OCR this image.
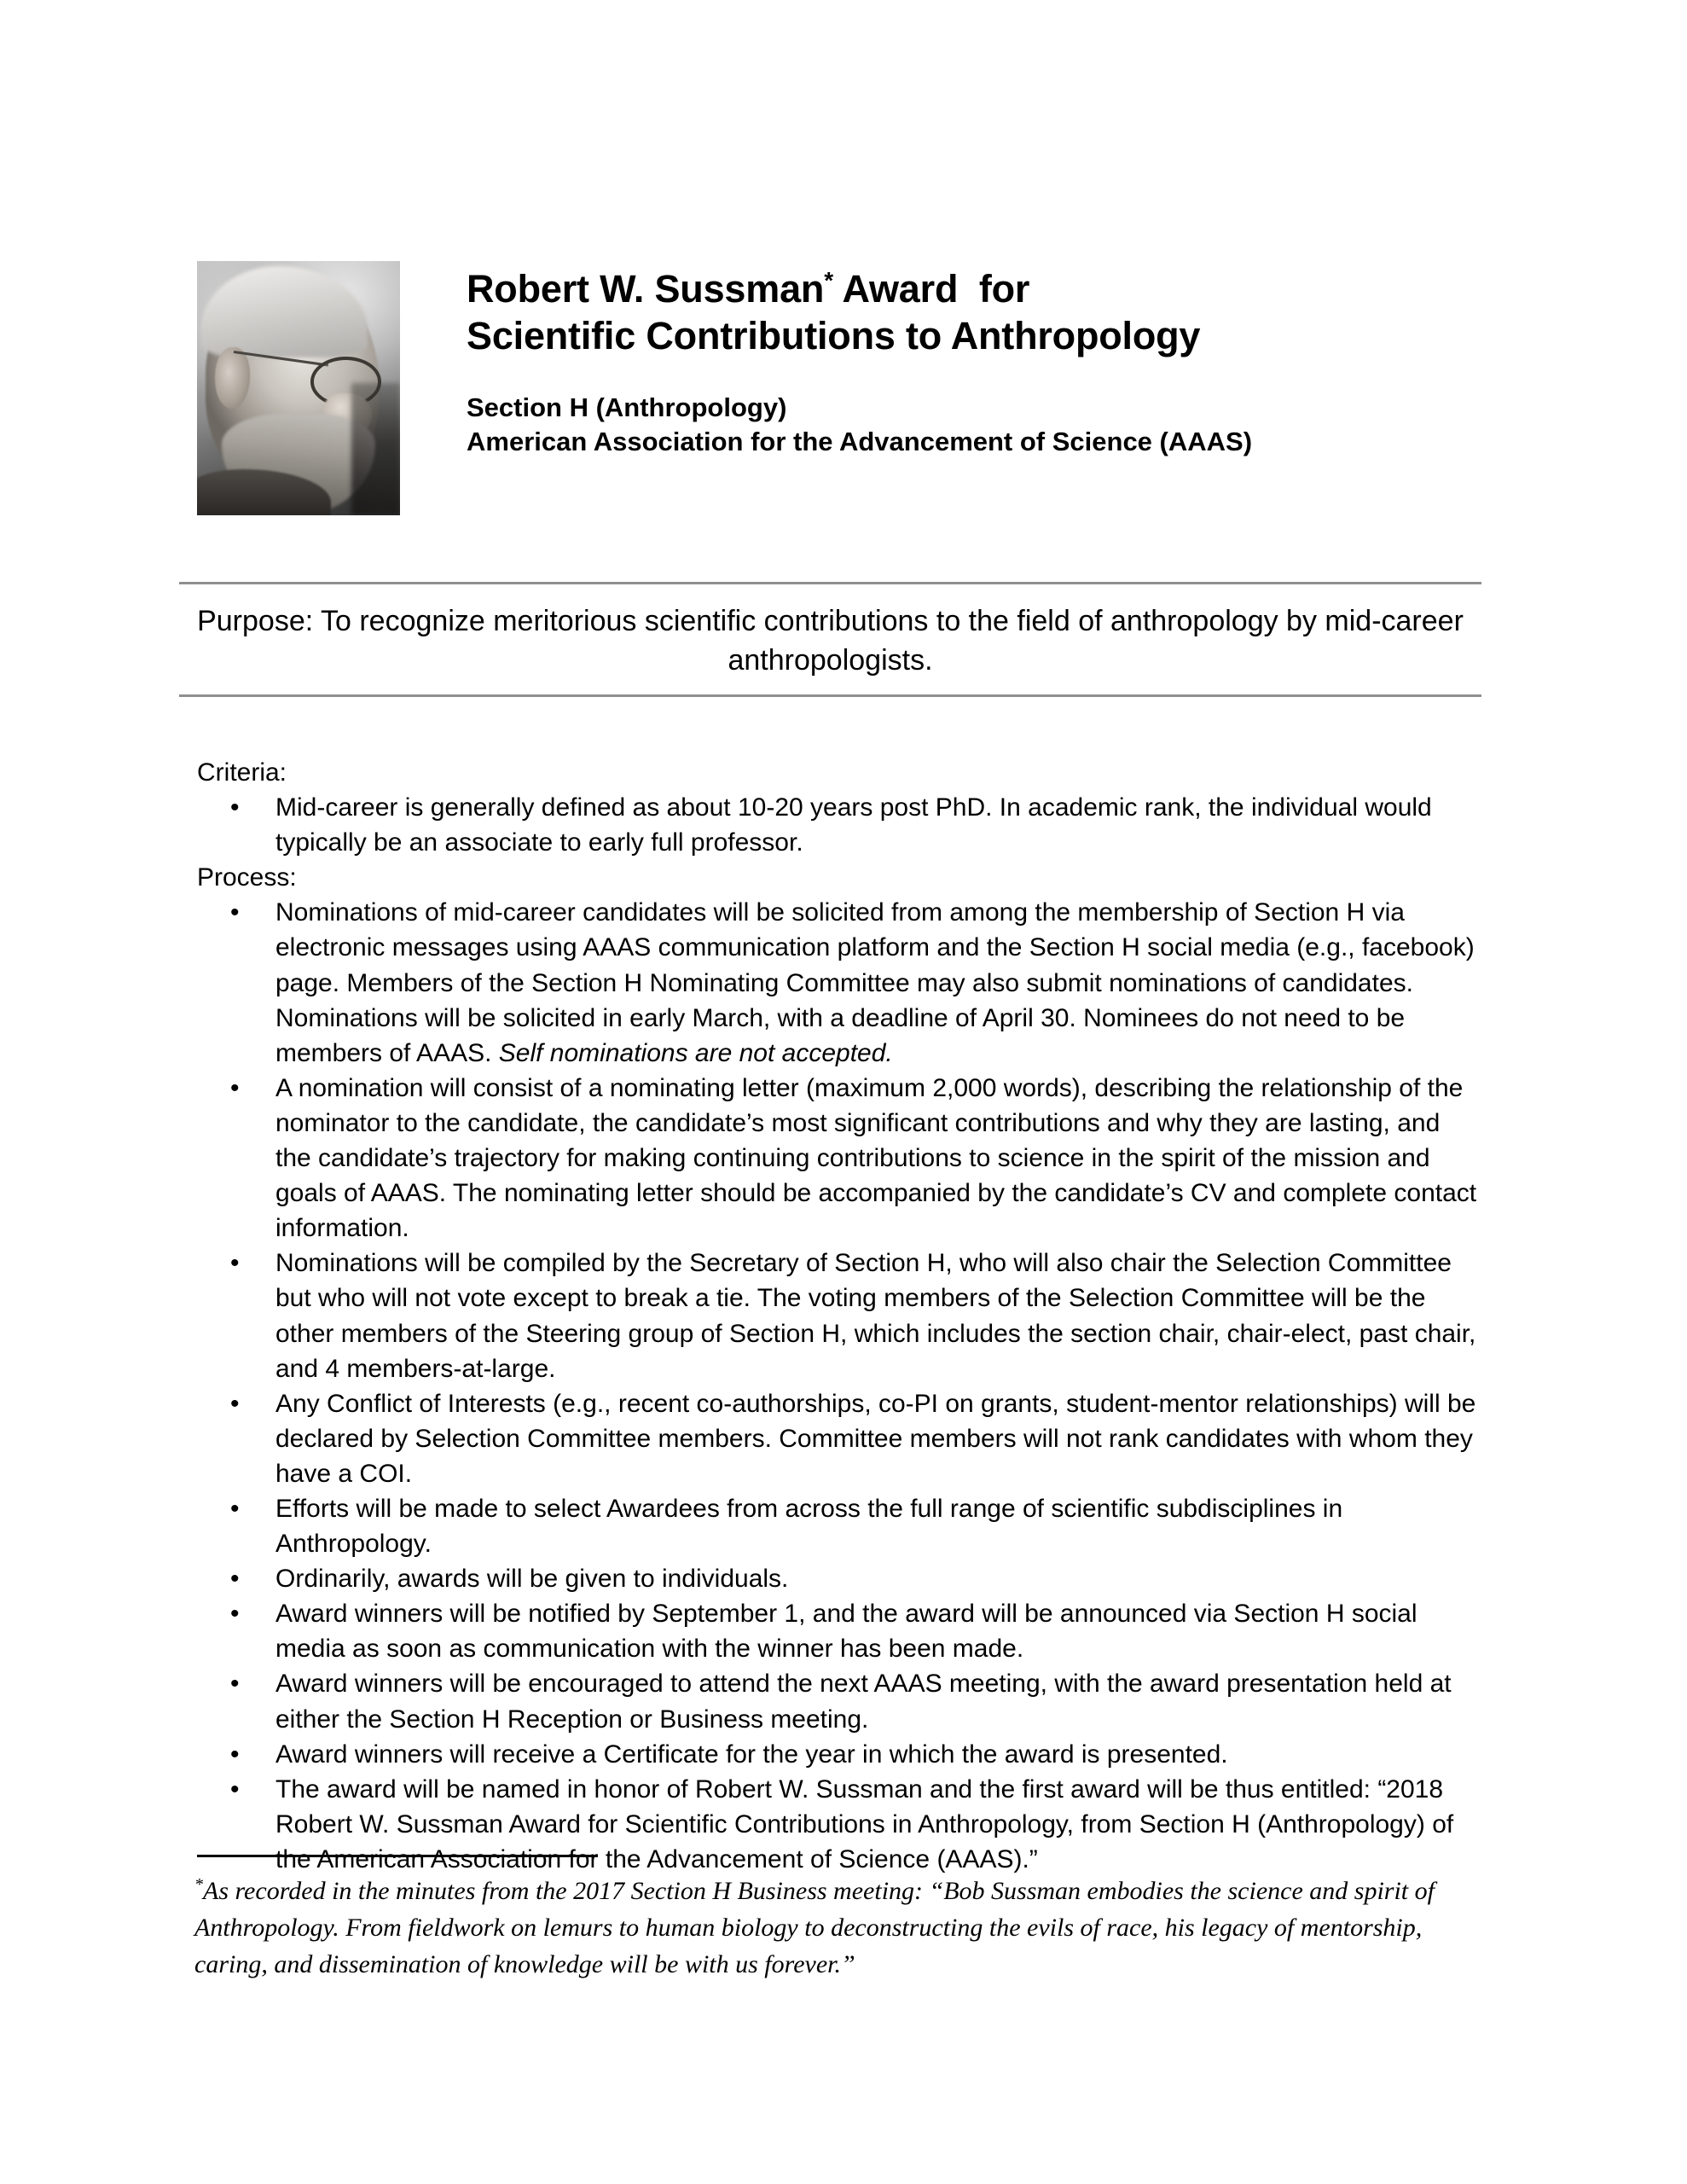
Robert W. Sussman* Award  for
Scientific Contributions to Anthropology
Section H (Anthropology)
American Association for the Advancement of Science (AAAS)
Purpose: To recognize meritorious scientific contributions to the field of anthropology by mid-career anthropologists.
Criteria:
• Mid-career is generally defined as about 10-20 years post PhD. In academic rank, the individual would typically be an associate to early full professor.
Process:
• Nominations of mid-career candidates will be solicited from among the membership of Section H via electronic messages using AAAS communication platform and the Section H social media (e.g., facebook) page. Members of the Section H Nominating Committee may also submit nominations of candidates. Nominations will be solicited in early March, with a deadline of April 30. Nominees do not need to be members of AAAS. Self nominations are not accepted.
• A nomination will consist of a nominating letter (maximum 2,000 words), describing the relationship of the nominator to the candidate, the candidate’s most significant contributions and why they are lasting, and the candidate’s trajectory for making continuing contributions to science in the spirit of the mission and goals of AAAS. The nominating letter should be accompanied by the candidate’s CV and complete contact information.
• Nominations will be compiled by the Secretary of Section H, who will also chair the Selection Committee but who will not vote except to break a tie. The voting members of the Selection Committee will be the other members of the Steering group of Section H, which includes the section chair, chair-elect, past chair, and 4 members-at-large.
• Any Conflict of Interests (e.g., recent co-authorships, co-PI on grants, student-mentor relationships) will be declared by Selection Committee members. Committee members will not rank candidates with whom they have a COI.
• Efforts will be made to select Awardees from across the full range of scientific subdisciplines in Anthropology.
• Ordinarily, awards will be given to individuals.
• Award winners will be notified by September 1, and the award will be announced via Section H social media as soon as communication with the winner has been made.
• Award winners will be encouraged to attend the next AAAS meeting, with the award presentation held at either the Section H Reception or Business meeting.
• Award winners will receive a Certificate for the year in which the award is presented.
• The award will be named in honor of Robert W. Sussman and the first award will be thus entitled: “2018 Robert W. Sussman Award for Scientific Contributions in Anthropology, from Section H (Anthropology) of the American Association for the Advancement of Science (AAAS).”
*As recorded in the minutes from the 2017 Section H Business meeting: “Bob Sussman embodies the science and spirit of Anthropology. From fieldwork on lemurs to human biology to deconstructing the evils of race, his legacy of mentorship, caring, and dissemination of knowledge will be with us forever.”
